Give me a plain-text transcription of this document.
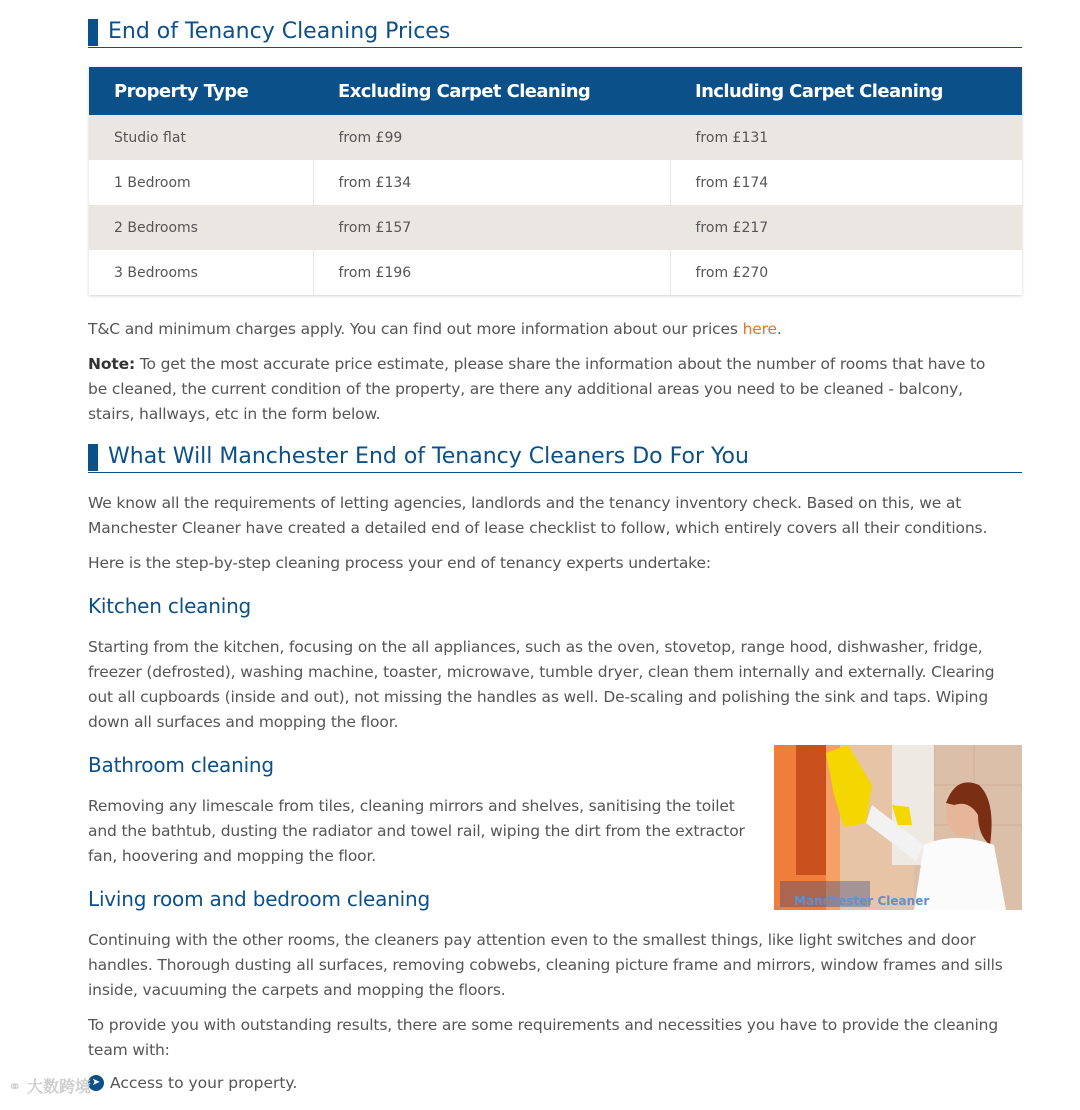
End of Tenancy Cleaning Prices
Property Type	Excluding Carpet Cleaning	Including Carpet Cleaning
Studio flat	from £99	from £131
1 Bedroom	from £134	from £174
2 Bedrooms	from £157	from £217
3 Bedrooms	from £196	from £270

T&C and minimum charges apply. You can find out more information about our prices here.

Note: To get the most accurate price estimate, please share the information about the number of rooms that have to be cleaned, the current condition of the property, are there any additional areas you need to be cleaned - balcony, stairs, hallways, etc in the form below.

What Will Manchester End of Tenancy Cleaners Do For You

We know all the requirements of letting agencies, landlords and the tenancy inventory check. Based on this, we at Manchester Cleaner have created a detailed end of lease checklist to follow, which entirely covers all their conditions.

Here is the step-by-step cleaning process your end of tenancy experts undertake:

Kitchen cleaning

Starting from the kitchen, focusing on the all appliances, such as the oven, stovetop, range hood, dishwasher, fridge, freezer (defrosted), washing machine, toaster, microwave, tumble dryer, clean them internally and externally. Clearing out all cupboards (inside and out), not missing the handles as well. De-scaling and polishing the sink and taps. Wiping down all surfaces and mopping the floor.

Bathroom cleaning

Removing any limescale from tiles, cleaning mirrors and shelves, sanitising the toilet and the bathtub, dusting the radiator and towel rail, wiping the dirt from the extractor fan, hoovering and mopping the floor.

Manchester Cleaner
Living room and bedroom cleaning

Continuing with the other rooms, the cleaners pay attention even to the smallest things, like light switches and door handles. Thorough dusting all surfaces, removing cobwebs, cleaning picture frame and mirrors, window frames and sills inside, vacuuming the carpets and mopping the floors.

To provide you with outstanding results, there are some requirements and necessities you have to provide the cleaning team with:

➤ Access to your property.
⚭ 大数跨境
